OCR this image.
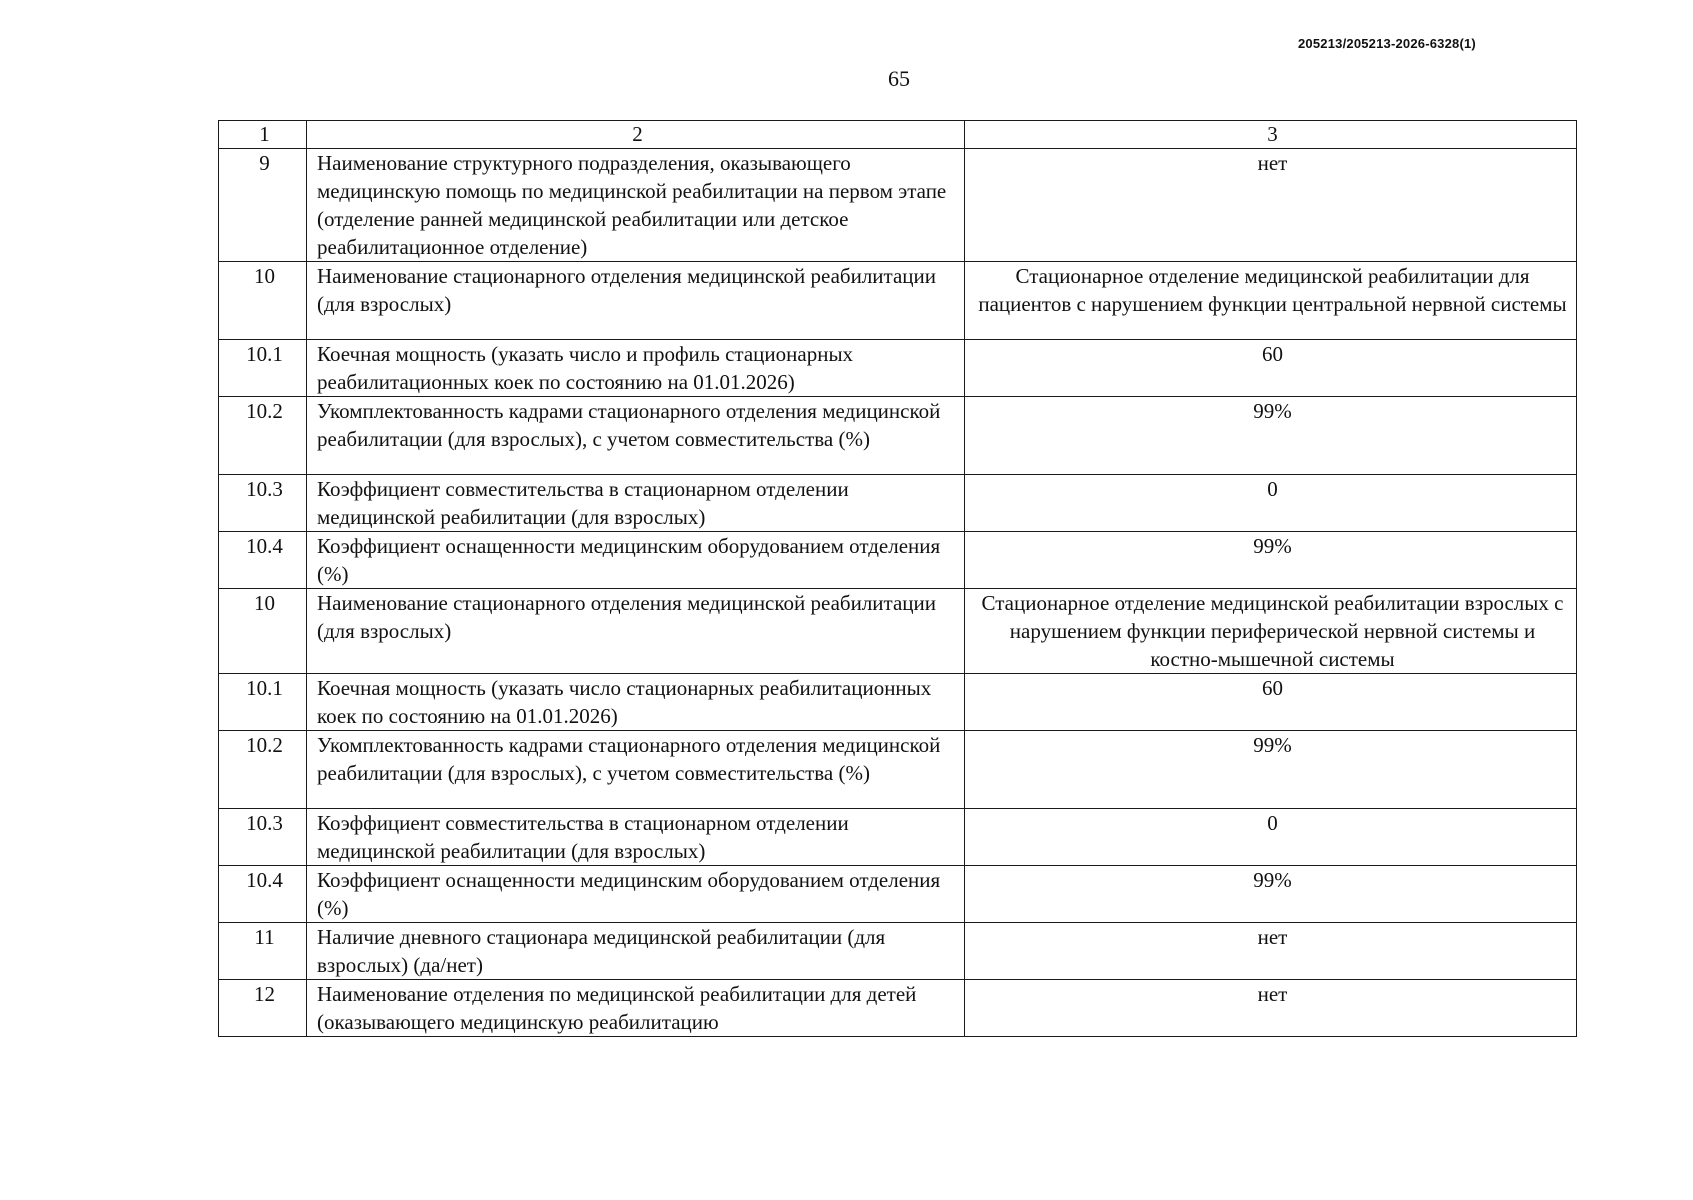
205213/205213-2026-6328(1)
65
1	2	3
9	Наименование структурного подразделения, оказывающего медицинскую помощь по медицинской реабилитации на первом этапе (отделение ранней медицинской реабилитации или детское реабилитационное отделение)	нет
10	Наименование стационарного отделения медицинской реабилитации (для взрослых)	Стационарное отделение медицинской реабилитации для пациентов с нарушением функции центральной нервной системы
10.1	Коечная мощность (указать число и профиль стационарных реабилитационных коек по состоянию на 01.01.2026)	60
10.2	Укомплектованность кадрами стационарного отделения медицинской реабилитации (для взрослых), с учетом совместительства (%)	99%
10.3	Коэффициент совместительства в стационарном отделении медицинской реабилитации (для взрослых)	0
10.4	Коэффициент оснащенности медицинским оборудованием отделения (%)	99%
10	Наименование стационарного отделения медицинской реабилитации (для взрослых)	Стационарное отделение медицинской реабилитации взрослых с нарушением функции периферической нервной системы и костно-мышечной системы
10.1	Коечная мощность (указать число стационарных реабилитационных коек по состоянию на 01.01.2026)	60
10.2	Укомплектованность кадрами стационарного отделения медицинской реабилитации (для взрослых), с учетом совместительства (%)	99%
10.3	Коэффициент совместительства в стационарном отделении медицинской реабилитации (для взрослых)	0
10.4	Коэффициент оснащенности медицинским оборудованием отделения (%)	99%
11	Наличие дневного стационара медицинской реабилитации (для взрослых) (да/нет)	нет
12	Наименование отделения по медицинской реабилитации для детей (оказывающего медицинскую реабилитацию	нет
